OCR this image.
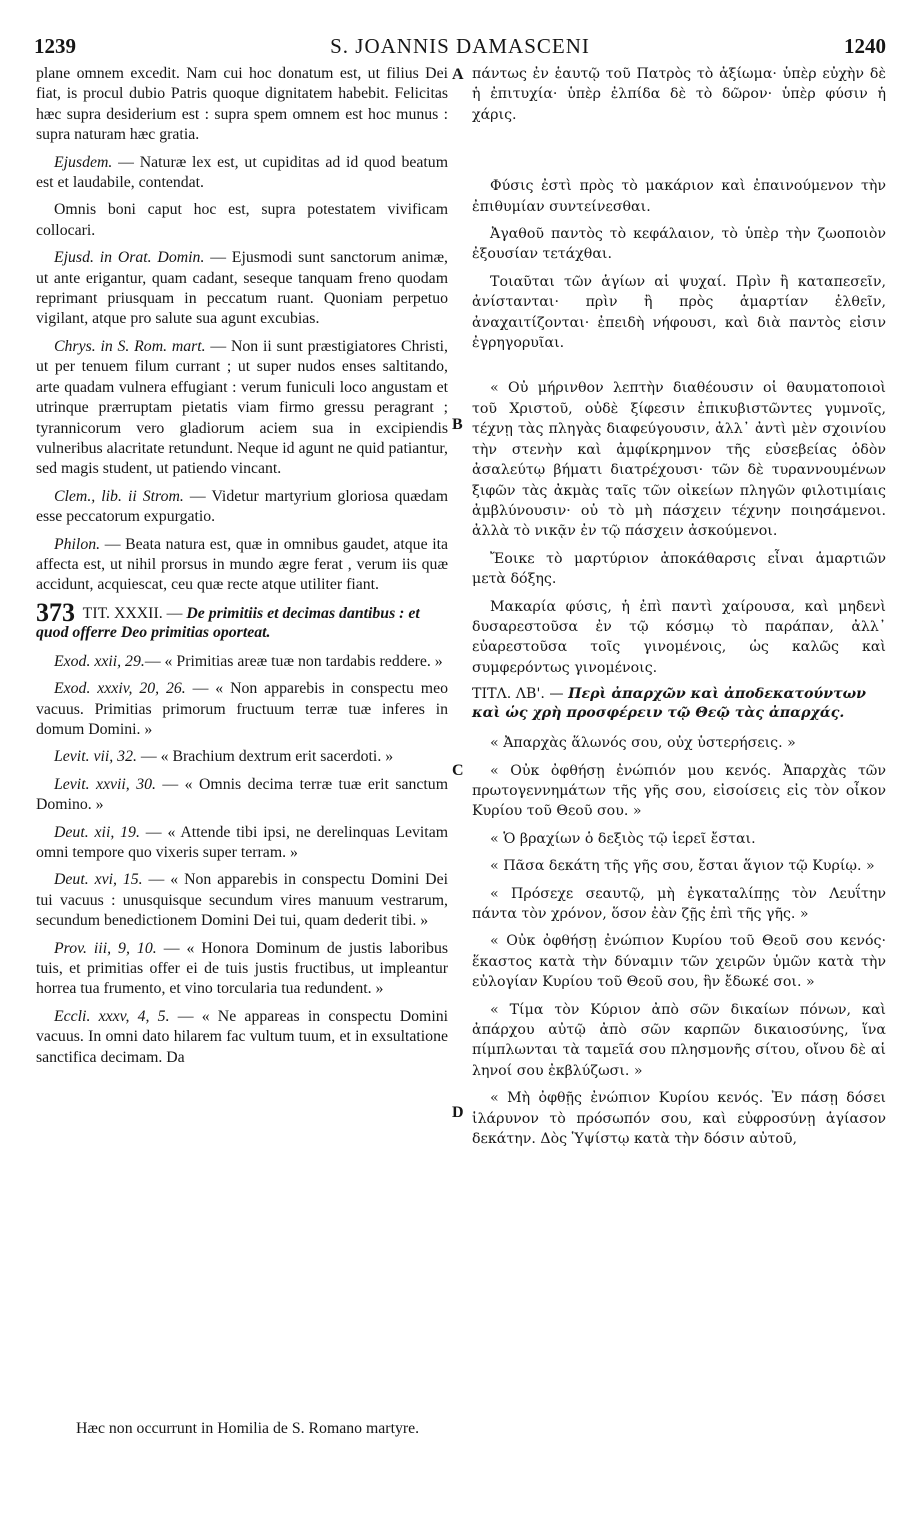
1239	S. JOANNIS DAMASCENI	1240

plane omnem excedit. Nam cui hoc donatum est, ut filius Dei fiat, is procul dubio Patris quoque dignitatem habebit. Felicitas hæc supra desiderium est : supra spem omnem est hoc munus : supra naturam hæc gratia.

Ejusdem. — Naturæ lex est, ut cupiditas ad id quod beatum est et laudabile, contendat.

Omnis boni caput hoc est, supra potestatem vivificam collocari.

Ejusd. in Orat. Domin. — Ejusmodi sunt sanctorum animæ, ut ante erigantur, quam cadant, seseque tanquam freno quodam reprimant priusquam in peccatum ruant. Quoniam perpetuo vigilant, atque pro salute sua agunt excubias.

Chrys. in S. Rom. mart. — Non ii sunt præstigiatores Christi, ut per tenuem filum currant ; ut super nudos enses saltitando, arte quadam vulnera effugiant : verum funiculi loco angustam et utrinque prærruptam pietatis viam firmo gressu peragrant ; tyrannicorum vero gladiorum aciem sua in excipiendis vulneribus alacritate retundunt. Neque id agunt ne quid patiantur, sed magis student, ut patiendo vincant.

Clem., lib. ii Strom. — Videtur martyrium gloriosa quædam esse peccatorum expurgatio.

Philon. — Beata natura est, quæ in omnibus gaudet, atque ita affecta est, ut nihil prorsus in mundo ægre ferat , verum iis quæ accidunt, acquiescat, ceu quæ recte atque utiliter fiant.

373 TIT. XXXII. — De primitiis et decimas dantibus : et quod offerre Deo primitias oporteat.

Exod. xxii, 29.— « Primitias areæ tuæ non tardabis reddere. »

Exod. xxxiv, 20, 26. — « Non apparebis in conspectu meo vacuus. Primitias primorum fructuum terræ tuæ inferes in domum Domini. »

Levit. vii, 32. — « Brachium dextrum erit sacerdoti. »

Levit. xxvii, 30. — « Omnis decima terræ tuæ erit sanctum Domino. »

Deut. xii, 19. — « Attende tibi ipsi, ne derelinquas Levitam omni tempore quo vixeris super terram. »

Deut. xvi, 15. — « Non apparebis in conspectu Domini Dei tui vacuus : unusquisque secundum vires manuum vestrarum, secundum benedictionem Domini Dei tui, quam dederit tibi. »

Prov. iii, 9, 10. — « Honora Dominum de justis laboribus tuis, et primitias offer ei de tuis justis fructibus, ut impleantur horrea tua frumento, et vino torcularia tua redundent. »

Eccli. xxxv, 4, 5. — « Ne appareas in conspectu Domini vacuus. In omni dato hilarem fac vultum tuum, et in exsultatione sanctifica decimam. Da

A
B
C
D

πάντως ἐν ἑαυτῷ τοῦ Πατρὸς τὸ ἀξίωμα· ὑπὲρ εὐχὴν δὲ ἡ ἐπιτυχία· ὑπὲρ ἐλπίδα δὲ τὸ δῶρον· ὑπὲρ φύσιν ἡ χάρις.

Φύσις ἐστὶ πρὸς τὸ μακάριον καὶ ἐπαινούμενον τὴν ἐπιθυμίαν συντείνεσθαι.

Ἀγαθοῦ παντὸς τὸ κεφάλαιον, τὸ ὑπὲρ τὴν ζωοποιὸν ἐξουσίαν τετάχθαι.

Τοιαῦται τῶν ἁγίων αἱ ψυχαί. Πρὶν ἢ καταπεσεῖν, ἀνίστανται· πρὶν ἢ πρὸς ἁμαρτίαν ἐλθεῖν, ἀναχαιτίζονται· ἐπειδὴ νήφουσι, καὶ διὰ παντὸς εἰσιν ἐγρηγορυῖαι.

« Οὐ μήρινθον λεπτὴν διαθέουσιν οἱ θαυματοποιοὶ τοῦ Χριστοῦ, οὐδὲ ξίφεσιν ἐπικυβιστῶντες γυμνοῖς, τέχνῃ τὰς πληγὰς διαφεύγουσιν, ἀλλ᾽ ἀντὶ μὲν σχοινίου τὴν στενὴν καὶ ἀμφίκρημνον τῆς εὐσεβείας ὁδὸν ἀσαλεύτῳ βήματι διατρέχουσι· τῶν δὲ τυραννουμένων ξιφῶν τὰς ἀκμὰς ταῖς τῶν οἰκείων πληγῶν φιλοτιμίαις ἀμβλύνουσιν· οὐ τὸ μὴ πάσχειν τέχνην ποιησάμενοι. ἀλλὰ τὸ νικᾷν ἐν τῷ πάσχειν ἀσκούμενοι.

Ἔοικε τὸ μαρτύριον ἀποκάθαρσις εἶναι ἁμαρτιῶν μετὰ δόξης.

Μακαρία φύσις, ἡ ἐπὶ παντὶ χαίρουσα, καὶ μηδενὶ δυσαρεστοῦσα ἐν τῷ κόσμῳ τὸ παράπαν, ἀλλ᾽ εὐαρεστοῦσα τοῖς γινομένοις, ὡς καλῶς καὶ συμφερόντως γινομένοις.

ΤΙΤΛ. ΛΒ'. — Περὶ ἀπαρχῶν καὶ ἀποδεκατούντων καὶ ὡς χρὴ προσφέρειν τῷ Θεῷ τὰς ἀπαρχάς.

« Ἀπαρχὰς ἅλωνός σου, οὐχ ὑστερήσεις. »

« Οὐκ ὀφθήσῃ ἐνώπιόν μου κενός. Ἀπαρχὰς τῶν πρωτογεννημάτων τῆς γῆς σου, εἰσοίσεις εἰς τὸν οἶκον Κυρίου τοῦ Θεοῦ σου. »

« Ὁ βραχίων ὁ δεξιὸς τῷ ἱερεῖ ἔσται.

« Πᾶσα δεκάτη τῆς γῆς σου, ἔσται ἅγιον τῷ Κυρίῳ. »

« Πρόσεχε σεαυτῷ, μὴ ἐγκαταλίπῃς τὸν Λευΐτην πάντα τὸν χρόνον, ὅσον ἐὰν ζῇς ἐπὶ τῆς γῆς. »

« Οὐκ ὀφθήσῃ ἐνώπιον Κυρίου τοῦ Θεοῦ σου κενός· ἕκαστος κατὰ τὴν δύναμιν τῶν χειρῶν ὑμῶν κατὰ τὴν εὐλογίαν Κυρίου τοῦ Θεοῦ σου, ἣν ἔδωκέ σοι. »

« Τίμα τὸν Κύριον ἀπὸ σῶν δικαίων πόνων, καὶ ἀπάρχου αὐτῷ ἀπὸ σῶν καρπῶν δικαιοσύνης, ἵνα πίμπλωνται τὰ ταμεῖά σου πλησμονῆς σίτου, οἴνου δὲ αἱ ληνοί σου ἐκβλύζωσι. »

« Μὴ ὀφθῇς ἐνώπιον Κυρίου κενός. Ἐν πάσῃ δόσει ἱλάρυνον τὸ πρόσωπόν σου, καὶ εὐφροσύνῃ ἁγίασον δεκάτην. Δὸς Ὑψίστῳ κατὰ τὴν δόσιν αὐτοῦ,

Hæc non occurrunt in Homilia de S. Romano martyre.
